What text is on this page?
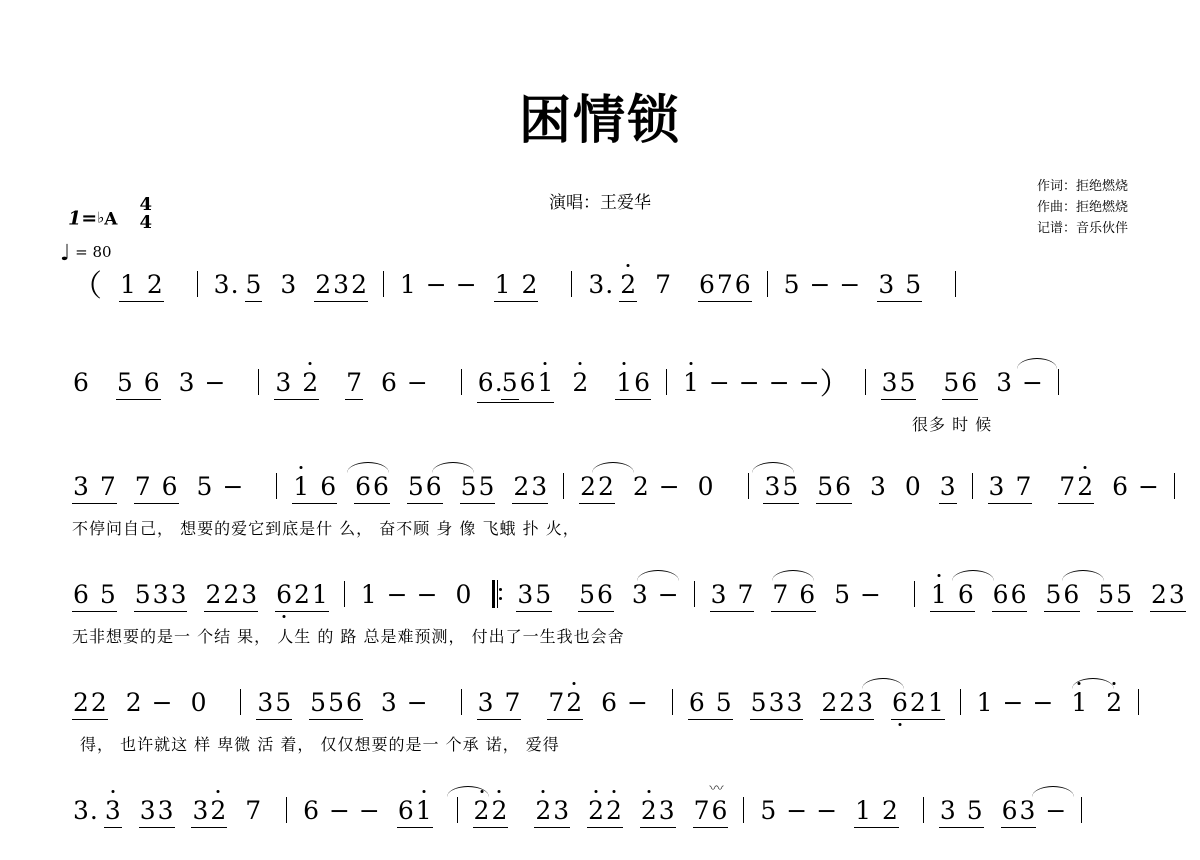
困情锁
演唱：王爱华
作词：拒绝燃烧
作曲：拒绝燃烧
记谱：音乐伙伴
1=♭A
4
4
♩ = 80
（ 1 2 3. 5 3 232 1 − − 1 2 3. 2 7 676 5 − − 3 5
6 5 6 3 − 3 2 7 6 − 6.561 2 16 1 − − − −） 35 56 3 −
很多 时 候
3 7 7 6 5 − 1 6 66 56 55 23 22 2 − 0 35 56 3 0 3 3 7 72 6 −
不停问自己， 想要的爱它到底是什 么， 奋不顾 身 像 飞蛾 扑 火，
6 5 533 223 621 1 − − 0 35 56 3 −  3 7 7 6 5 − 1 6 66 56 55 23
无非想要的是一 个结 果， 人生 的 路 总是难预测， 付出了一生我也会舍
22 2 − 0 35 556 3 − 3 7 72 6 − 6 5 533 223 621 1 − − 1 2
得， 也许就这 样 卑微 活 着， 仅仅想要的是一 个承 诺， 爱得
3. 3 33 32 7 6 − − 61 22 23 22 23 76
〰
5 − − 1 2 3 5 63 −
